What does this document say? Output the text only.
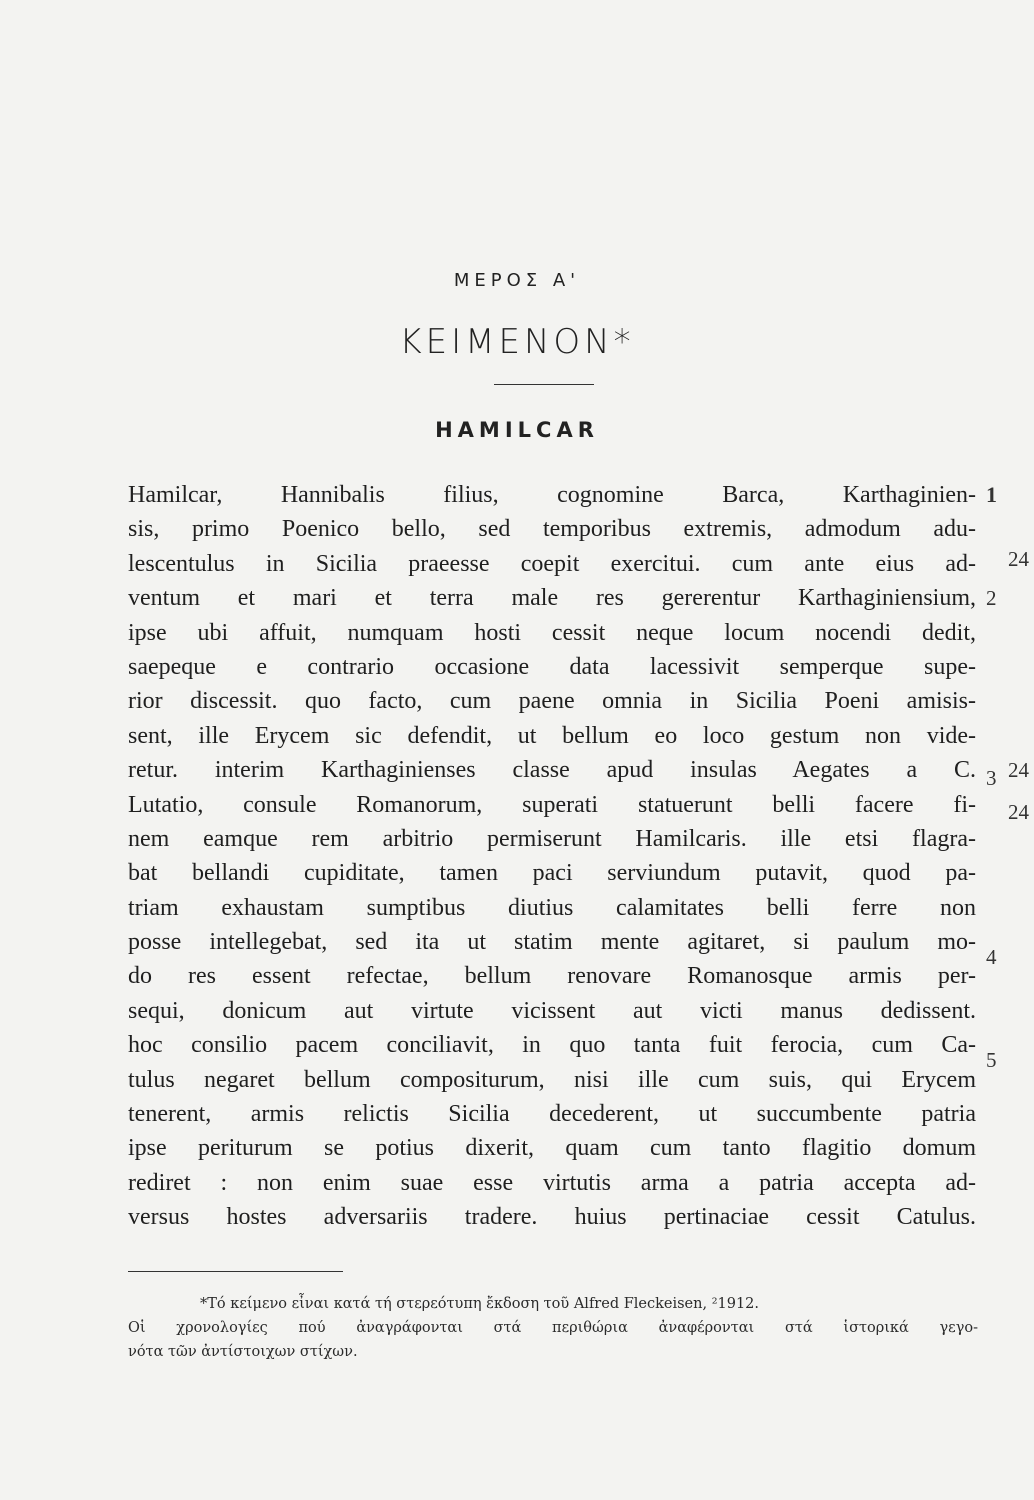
ΜΕΡΟΣ Α'
ΚΕΙΜΕΝΟΝ*
HAMILCAR
Hamilcar, Hannibalis filius, cognomine Barca, Karthaginien-
sis, primo Poenico bello, sed temporibus extremis, admodum adu-
lescentulus in Sicilia praeesse coepit exercitui. cum ante eius ad-
ventum et mari et terra male res gererentur Karthaginiensium,
ipse ubi affuit, numquam hosti cessit neque locum nocendi dedit,
saepeque e contrario occasione data lacessivit semperque supe-
rior discessit. quo facto, cum paene omnia in Sicilia Poeni amisis-
sent, ille Erycem sic defendit, ut bellum eo loco gestum non vide-
retur. interim Karthaginienses classe apud insulas Aegates a C.
Lutatio, consule Romanorum, superati statuerunt belli facere fi-
nem eamque rem arbitrio permiserunt Hamilcaris. ille etsi flagra-
bat bellandi cupiditate, tamen paci serviundum putavit, quod pa-
triam exhaustam sumptibus diutius calamitates belli ferre non
posse intellegebat, sed ita ut statim mente agitaret, si paulum mo-
do res essent refectae, bellum renovare Romanosque armis per-
sequi, donicum aut virtute vicissent aut victi manus dedissent.
hoc consilio pacem conciliavit, in quo tanta fuit ferocia, cum Ca-
tulus negaret bellum compositurum, nisi ille cum suis, qui Erycem
tenerent, armis relictis Sicilia decederent, ut succumbente patria
ipse periturum se potius dixerit, quam cum tanto flagitio domum
rediret : non enim suae esse virtutis arma a patria accepta ad-
versus hostes adversariis tradere. huius pertinaciae cessit Catulus.
1
2
24
3
4
5
24
24
*Τό κείμενο εἶναι κατά τή στερεότυπη ἔκδοση τοῦ Alfred Fleckeisen, ²1912.
Οἱ χρονολογίες πού ἀναγράφονται στά περιθώρια ἀναφέρονται στά ἱστορικά γεγο-
νότα τῶν ἀντίστοιχων στίχων.
